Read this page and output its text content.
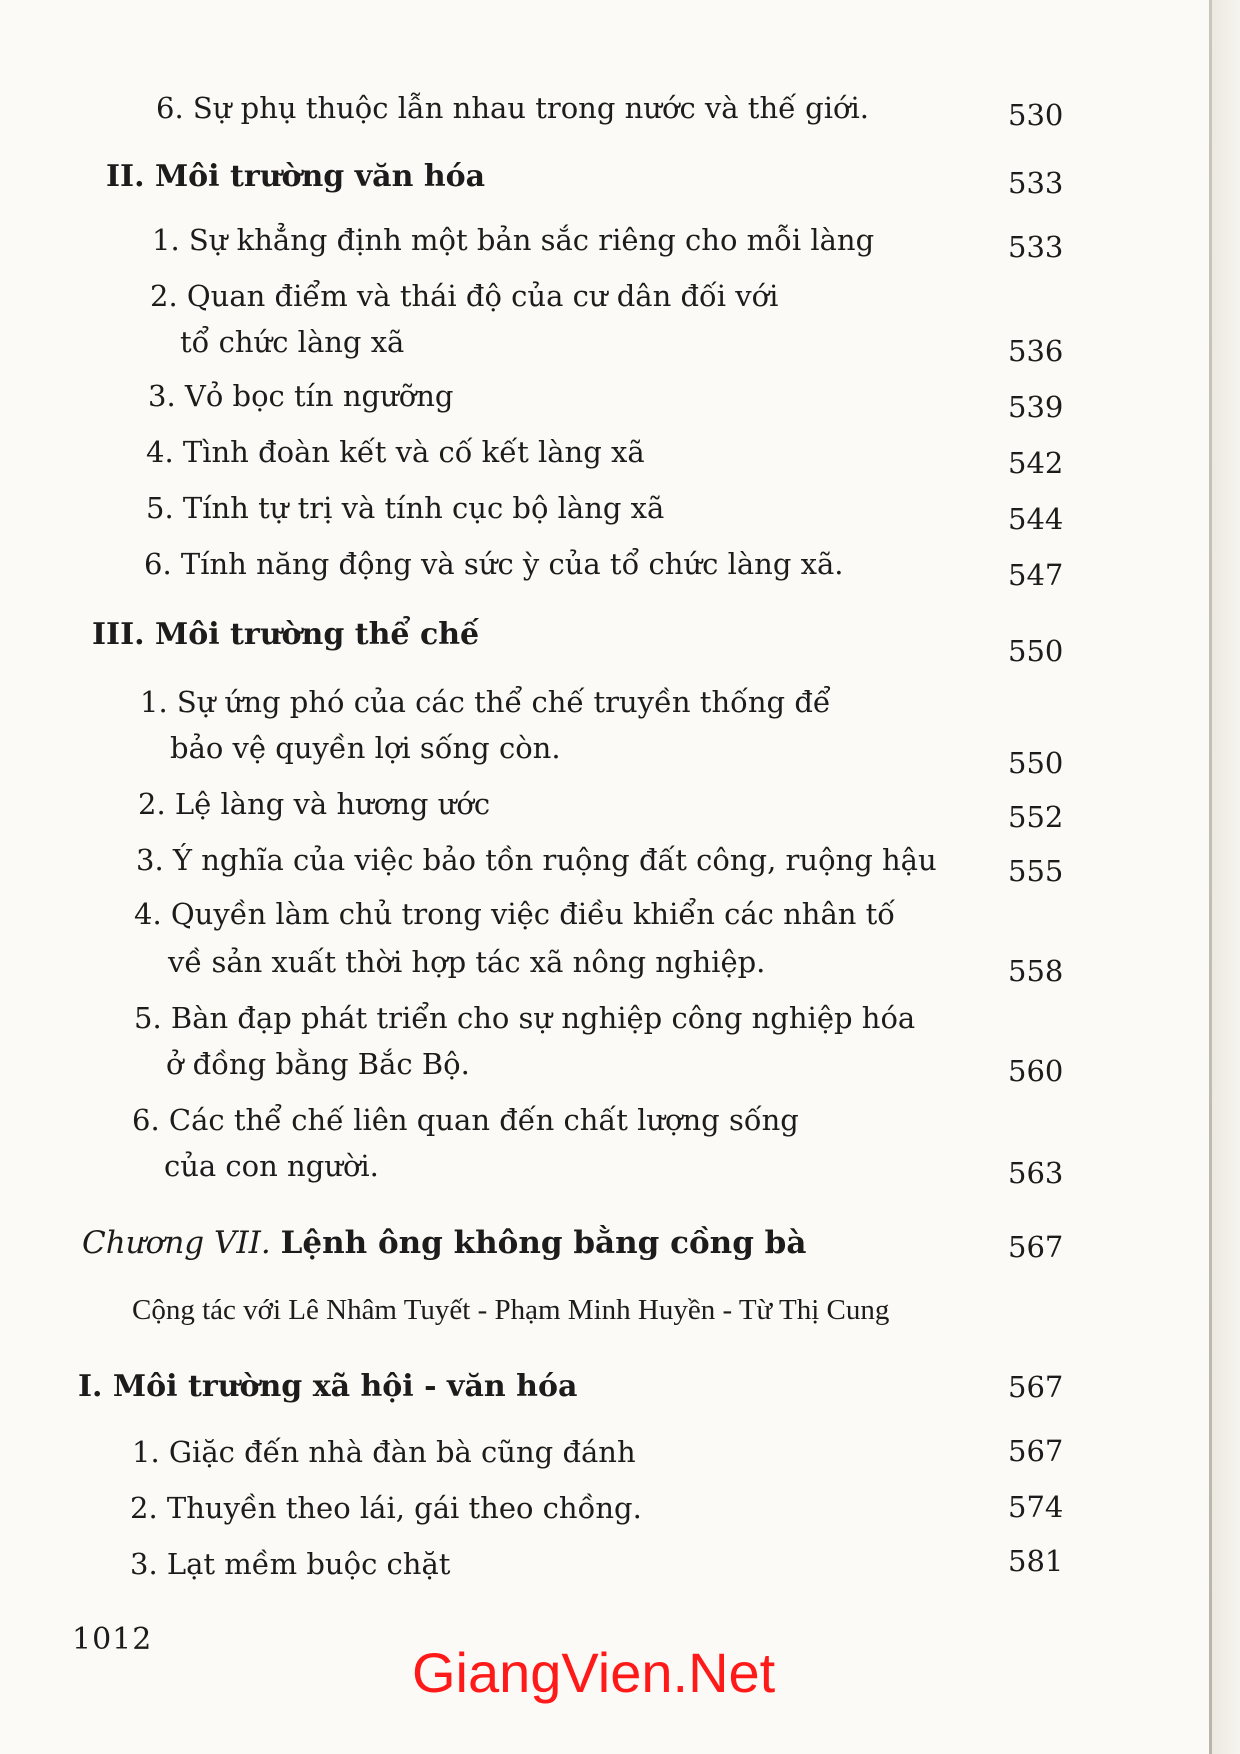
6. Sự phụ thuộc lẫn nhau trong nước và thế giới.	530
II. Môi trường văn hóa	533
1. Sự khẳng định một bản sắc riêng cho mỗi làng	533
2. Quan điểm và thái độ của cư dân đối với
tổ chức làng xã	536
3. Vỏ bọc tín ngưỡng	539
4. Tình đoàn kết và cố kết làng xã	542
5. Tính tự trị và tính cục bộ làng xã	544
6. Tính năng động và sức ỳ của tổ chức làng xã.	547
III. Môi trường thể chế	550
1. Sự ứng phó của các thể chế truyền thống để
bảo vệ quyền lợi sống còn.	550
2. Lệ làng và hương ước	552
3. Ý nghĩa của việc bảo tồn ruộng đất công, ruộng hậu 555
4. Quyền làm chủ trong việc điều khiển các nhân tố
về sản xuất thời hợp tác xã nông nghiệp.	558
5. Bàn đạp phát triển cho sự nghiệp công nghiệp hóa
ở đồng bằng Bắc Bộ.	560
6. Các thể chế liên quan đến chất lượng sống
của con người.	563
Chương VII. Lệnh ông không bằng cồng bà	567
Cộng tác với Lê Nhâm Tuyết - Phạm Minh Huyền - Từ Thị Cung
I. Môi trường xã hội - văn hóa	567
1. Giặc đến nhà đàn bà cũng đánh	567
2. Thuyền theo lái, gái theo chồng.	574
3. Lạt mềm buộc chặt	581
1012
GiangVien.Net
